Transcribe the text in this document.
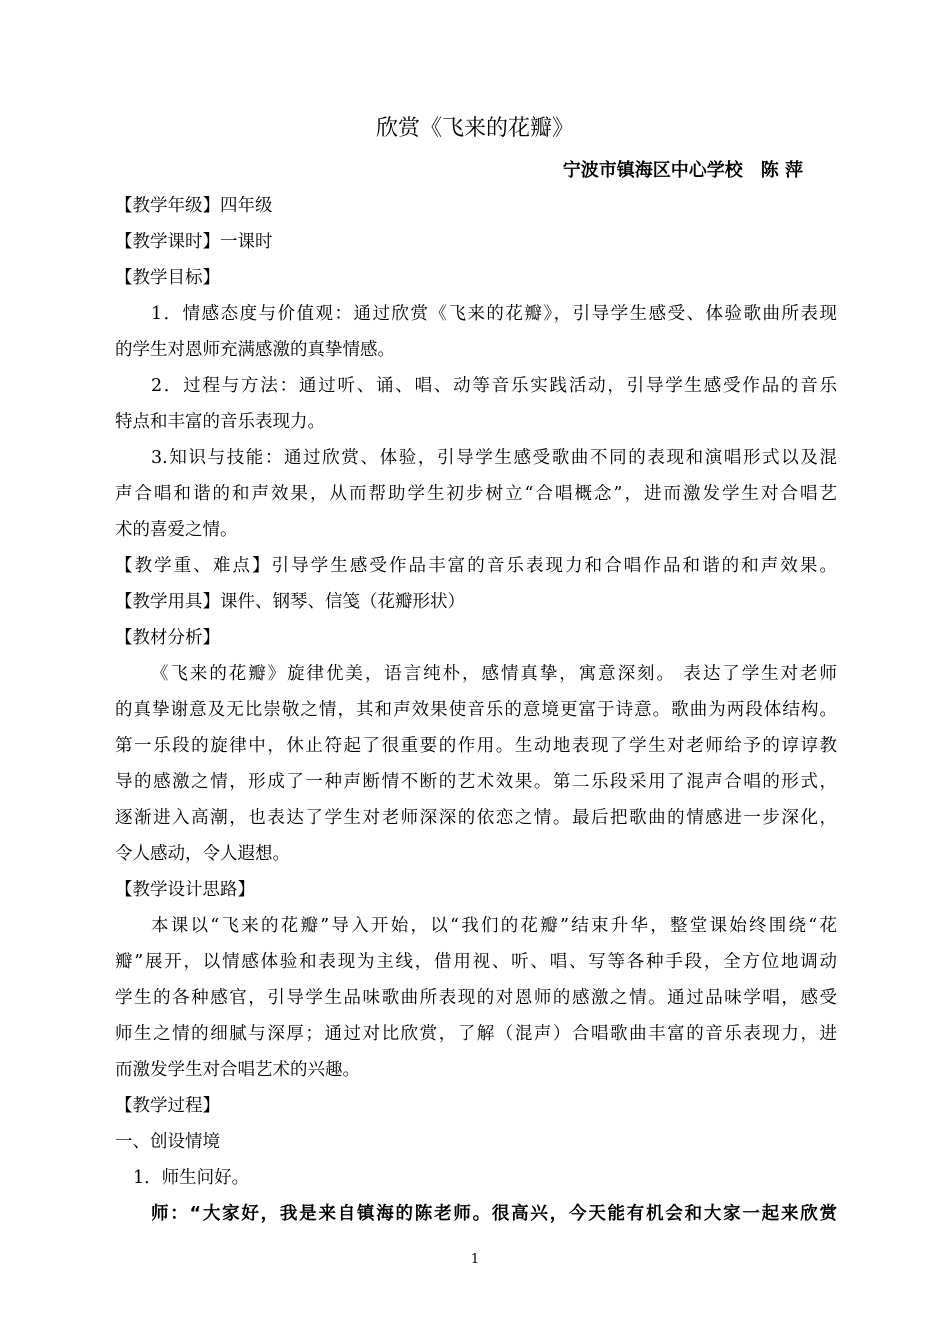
欣赏《飞来的花瓣》
宁波市镇海区中心学校　陈 萍

【教学年级】四年级

【教学课时】一课时

【教学目标】

1．情感态度与价值观：通过欣赏《飞来的花瓣》，引导学生感受、体验歌曲所表现

的学生对恩师充满感激的真挚情感。

2．过程与方法：通过听、诵、唱、动等音乐实践活动，引导学生感受作品的音乐

特点和丰富的音乐表现力。

3.知识与技能：通过欣赏、体验，引导学生感受歌曲不同的表现和演唱形式以及混

声合唱和谐的和声效果，从而帮助学生初步树立“合唱概念”，进而激发学生对合唱艺

术的喜爱之情。

【教学重、难点】引导学生感受作品丰富的音乐表现力和合唱作品和谐的和声效果。

【教学用具】课件、钢琴、信笺（花瓣形状）

【教材分析】

《飞来的花瓣》旋律优美，语言纯朴，感情真挚，寓意深刻。 表达了学生对老师

的真挚谢意及无比崇敬之情，其和声效果使音乐的意境更富于诗意。歌曲为两段体结构。

第一乐段的旋律中，休止符起了很重要的作用。生动地表现了学生对老师给予的谆谆教

导的感激之情，形成了一种声断情不断的艺术效果。第二乐段采用了混声合唱的形式，

逐渐进入高潮，也表达了学生对老师深深的依恋之情。最后把歌曲的情感进一步深化，

令人感动，令人遐想。

【教学设计思路】

本课以“飞来的花瓣”导入开始，以“我们的花瓣”结束升华，整堂课始终围绕“花

瓣”展开，以情感体验和表现为主线，借用视、听、唱、写等各种手段，全方位地调动

学生的各种感官，引导学生品味歌曲所表现的对恩师的感激之情。通过品味学唱，感受

师生之情的细腻与深厚；通过对比欣赏，了解（混声）合唱歌曲丰富的音乐表现力，进

而激发学生对合唱艺术的兴趣。

【教学过程】

一、创设情境

1．师生问好。

师：“大家好，我是来自镇海的陈老师。很高兴，今天能有机会和大家一起来欣赏

1
